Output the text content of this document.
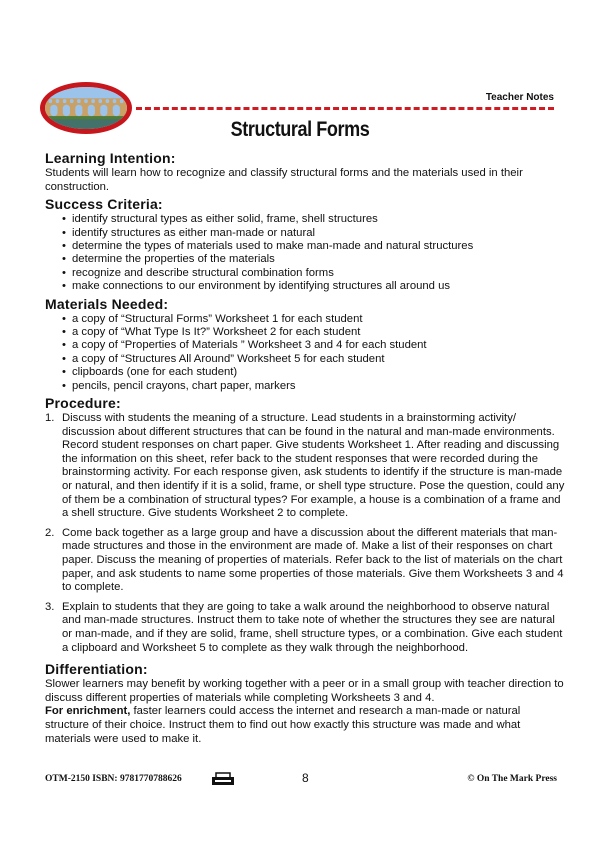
Teacher Notes
Structural Forms
Learning Intention:

Students will learn how to recognize and classify structural forms and the materials used in their construction.

Success Criteria:
• identify structural types as either solid, frame, shell structures
• identify structures as either man-made or natural
• determine the types of materials used to make man-made and natural structures
• determine the properties of the materials
• recognize and describe structural combination forms
• make connections to our environment by identifying structures all around us
Materials Needed:
• a copy of “Structural Forms” Worksheet 1 for each student
• a copy of “What Type Is It?” Worksheet 2 for each student
• a copy of “Properties of Materials ” Worksheet 3 and 4 for each student
• a copy of “Structures All Around” Worksheet 5 for each student
• clipboards (one for each student)
• pencils, pencil crayons, chart paper, markers
Procedure:
1. Discuss with students the meaning of a structure. Lead students in a brainstorming activity/ discussion about different structures that can be found in the natural and man-made environments. Record student responses on chart paper. Give students Worksheet 1. After reading and discussing the information on this sheet, refer back to the student responses that were recorded during the brainstorming activity. For each response given, ask students to identify if the structure is man-made or natural, and then identify if it is a solid, frame, or shell type structure. Pose the question, could any of them be a combination of structural types? For example, a house is a combination of a frame and a shell structure. Give students Worksheet 2 to complete.
2. Come back together as a large group and have a discussion about the different materials that man-made structures and those in the environment are made of. Make a list of their responses on chart paper. Discuss the meaning of properties of materials. Refer back to the list of materials on the chart paper, and ask students to name some properties of those materials. Give them Worksheets 3 and 4 to complete.
3. Explain to students that they are going to take a walk around the neighborhood to observe natural and man-made structures. Instruct them to take note of whether the structures they see are natural or man-made, and if they are solid, frame, shell structure types, or a combination. Give each student a clipboard and Worksheet 5 to complete as they walk through the neighborhood.
Differentiation:

Slower learners may benefit by working together with a peer or in a small group with teacher direction to discuss different properties of materials while completing Worksheets 3 and 4.

For enrichment, faster learners could access the internet and research a man-made or natural structure of their choice. Instruct them to find out how exactly this structure was made and what materials were used to make it.

OTM-2150 ISBN: 9781770788626	8	© On The Mark Press
